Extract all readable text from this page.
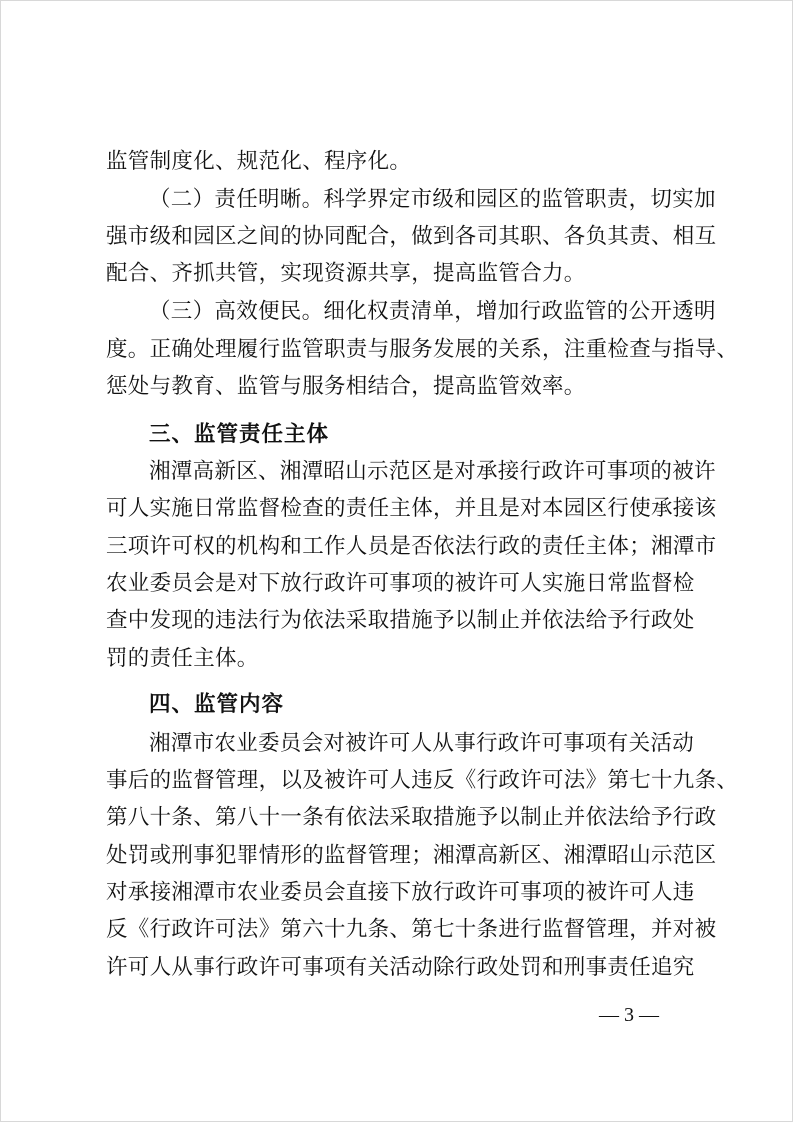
监管制度化、规范化、程序化。
（二）责任明晰。科学界定市级和园区的监管职责，切实加
强市级和园区之间的协同配合，做到各司其职、各负其责、相互
配合、齐抓共管，实现资源共享，提高监管合力。
（三）高效便民。细化权责清单，增加行政监管的公开透明
度。正确处理履行监管职责与服务发展的关系，注重检查与指导、
惩处与教育、监管与服务相结合，提高监管效率。
三、监管责任主体
湘潭高新区、湘潭昭山示范区是对承接行政许可事项的被许
可人实施日常监督检查的责任主体，并且是对本园区行使承接该
三项许可权的机构和工作人员是否依法行政的责任主体；湘潭市
农业委员会是对下放行政许可事项的被许可人实施日常监督检
查中发现的违法行为依法采取措施予以制止并依法给予行政处
罚的责任主体。
四、监管内容
湘潭市农业委员会对被许可人从事行政许可事项有关活动
事后的监督管理，以及被许可人违反《行政许可法》第七十九条、
第八十条、第八十一条有依法采取措施予以制止并依法给予行政
处罚或刑事犯罪情形的监督管理；湘潭高新区、湘潭昭山示范区
对承接湘潭市农业委员会直接下放行政许可事项的被许可人违
反《行政许可法》第六十九条、第七十条进行监督管理，并对被
许可人从事行政许可事项有关活动除行政处罚和刑事责任追究
— 3 —
